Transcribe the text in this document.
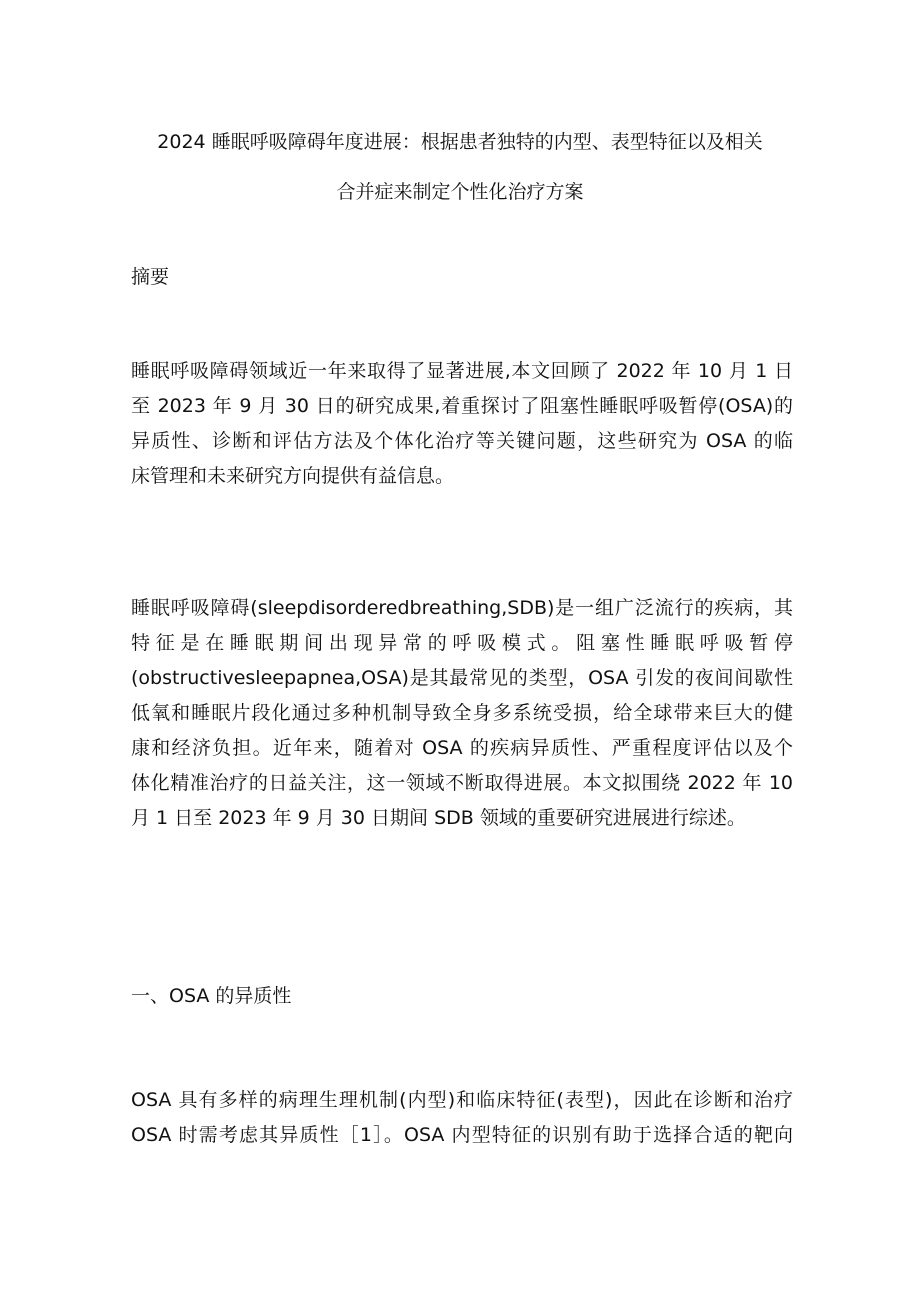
2024 睡眠呼吸障碍年度进展：根据患者独特的内型、表型特征以及相关
合并症来制定个性化治疗方案
摘要
睡眠呼吸障碍领域近一年来取得了显著进展,本文回顾了 2022 年 10 月 1 日
至 2023 年 9 月 30 日的研究成果,着重探讨了阻塞性睡眠呼吸暂停(OSA)的
异质性、诊断和评估方法及个体化治疗等关键问题，这些研究为 OSA 的临
床管理和未来研究方向提供有益信息。
睡眠呼吸障碍(sleepdisorderedbreathing,SDB)是一组广泛流行的疾病，其
特征是在睡眠期间出现异常的呼吸模式。阻塞性睡眠呼吸暂停
(obstructivesleepapnea,OSA)是其最常见的类型，OSA 引发的夜间间歇性
低氧和睡眠片段化通过多种机制导致全身多系统受损，给全球带来巨大的健
康和经济负担。近年来，随着对 OSA 的疾病异质性、严重程度评估以及个
体化精准治疗的日益关注，这一领域不断取得进展。本文拟围绕 2022 年 10
月 1 日至 2023 年 9 月 30 日期间 SDB 领域的重要研究进展进行综述。
一、OSA 的异质性
OSA 具有多样的病理生理机制(内型)和临床特征(表型)，因此在诊断和治疗
OSA 时需考虑其异质性［1］。OSA 内型特征的识别有助于选择合适的靶向
